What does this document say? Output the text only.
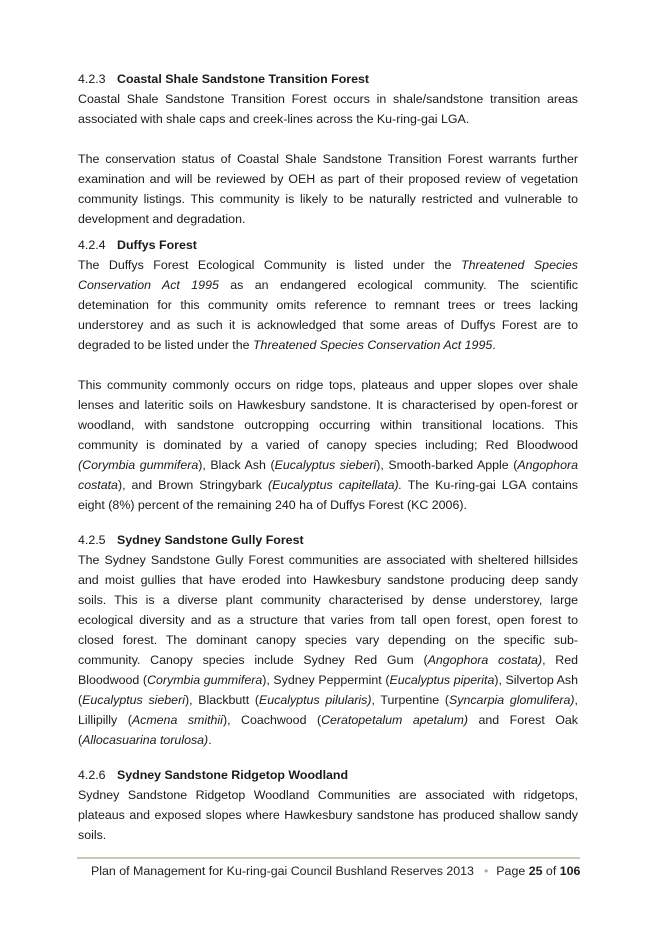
4.2.3 Coastal Shale Sandstone Transition Forest

Coastal Shale Sandstone Transition Forest occurs in shale/sandstone transition areas associated with shale caps and creek-lines across the Ku-ring-gai LGA.

The conservation status of Coastal Shale Sandstone Transition Forest warrants further examination and will be reviewed by OEH as part of their proposed review of vegetation community listings. This community is likely to be naturally restricted and vulnerable to development and degradation.

4.2.4 Duffys Forest

The Duffys Forest Ecological Community is listed under the Threatened Species Conservation Act 1995 as an endangered ecological community. The scientific detemination for this community omits reference to remnant trees or trees lacking understorey and as such it is acknowledged that some areas of Duffys Forest are to degraded to be listed under the Threatened Species Conservation Act 1995.

This community commonly occurs on ridge tops, plateaus and upper slopes over shale lenses and lateritic soils on Hawkesbury sandstone. It is characterised by open-forest or woodland, with sandstone outcropping occurring within transitional locations. This community is dominated by a varied of canopy species including; Red Bloodwood (Corymbia gummifera), Black Ash (Eucalyptus sieberi), Smooth-barked Apple (Angophora costata), and Brown Stringybark (Eucalyptus capitellata). The Ku-ring-gai LGA contains eight (8%) percent of the remaining 240 ha of Duffys Forest (KC 2006).

4.2.5 Sydney Sandstone Gully Forest

The Sydney Sandstone Gully Forest communities are associated with sheltered hillsides and moist gullies that have eroded into Hawkesbury sandstone producing deep sandy soils. This is a diverse plant community characterised by dense understorey, large ecological diversity and as a structure that varies from tall open forest, open forest to closed forest. The dominant canopy species vary depending on the specific sub-community. Canopy species include Sydney Red Gum (Angophora costata), Red Bloodwood (Corymbia gummifera), Sydney Peppermint (Eucalyptus piperita), Silvertop Ash (Eucalyptus sieberi), Blackbutt (Eucalyptus pilularis), Turpentine (Syncarpia glomulifera), Lillipilly (Acmena smithii), Coachwood (Ceratopetalum apetalum) and Forest Oak (Allocasuarina torulosa).

4.2.6 Sydney Sandstone Ridgetop Woodland

Sydney Sandstone Ridgetop Woodland Communities are associated with ridgetops, plateaus and exposed slopes where Hawkesbury sandstone has produced shallow sandy soils.

Plan of Management for Ku-ring-gai Council Bushland Reserves 2013 • Page 25 of 106
